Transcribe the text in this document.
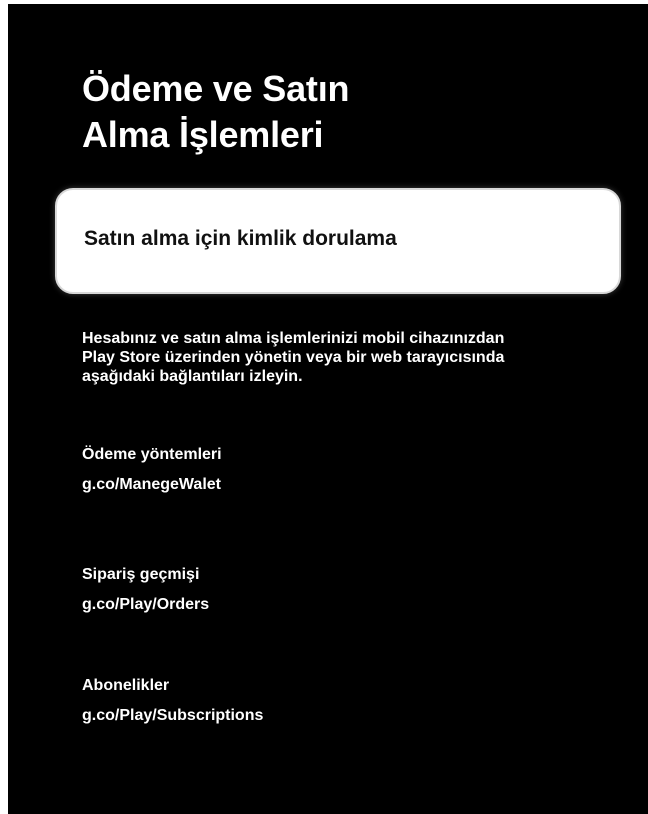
Ödeme ve Satın
Alma İşlemleri
Satın alma için kimlik dorulama

Hesabınız ve satın alma işlemlerinizi mobil cihazınızdan
Play Store üzerinden yönetin veya bir web tarayıcısında
aşağıdaki bağlantıları izleyin.

Ödeme yöntemleri
g.co/ManegeWalet
Sipariş geçmişi
g.co/Play/Orders
Abonelikler
g.co/Play/Subscriptions
